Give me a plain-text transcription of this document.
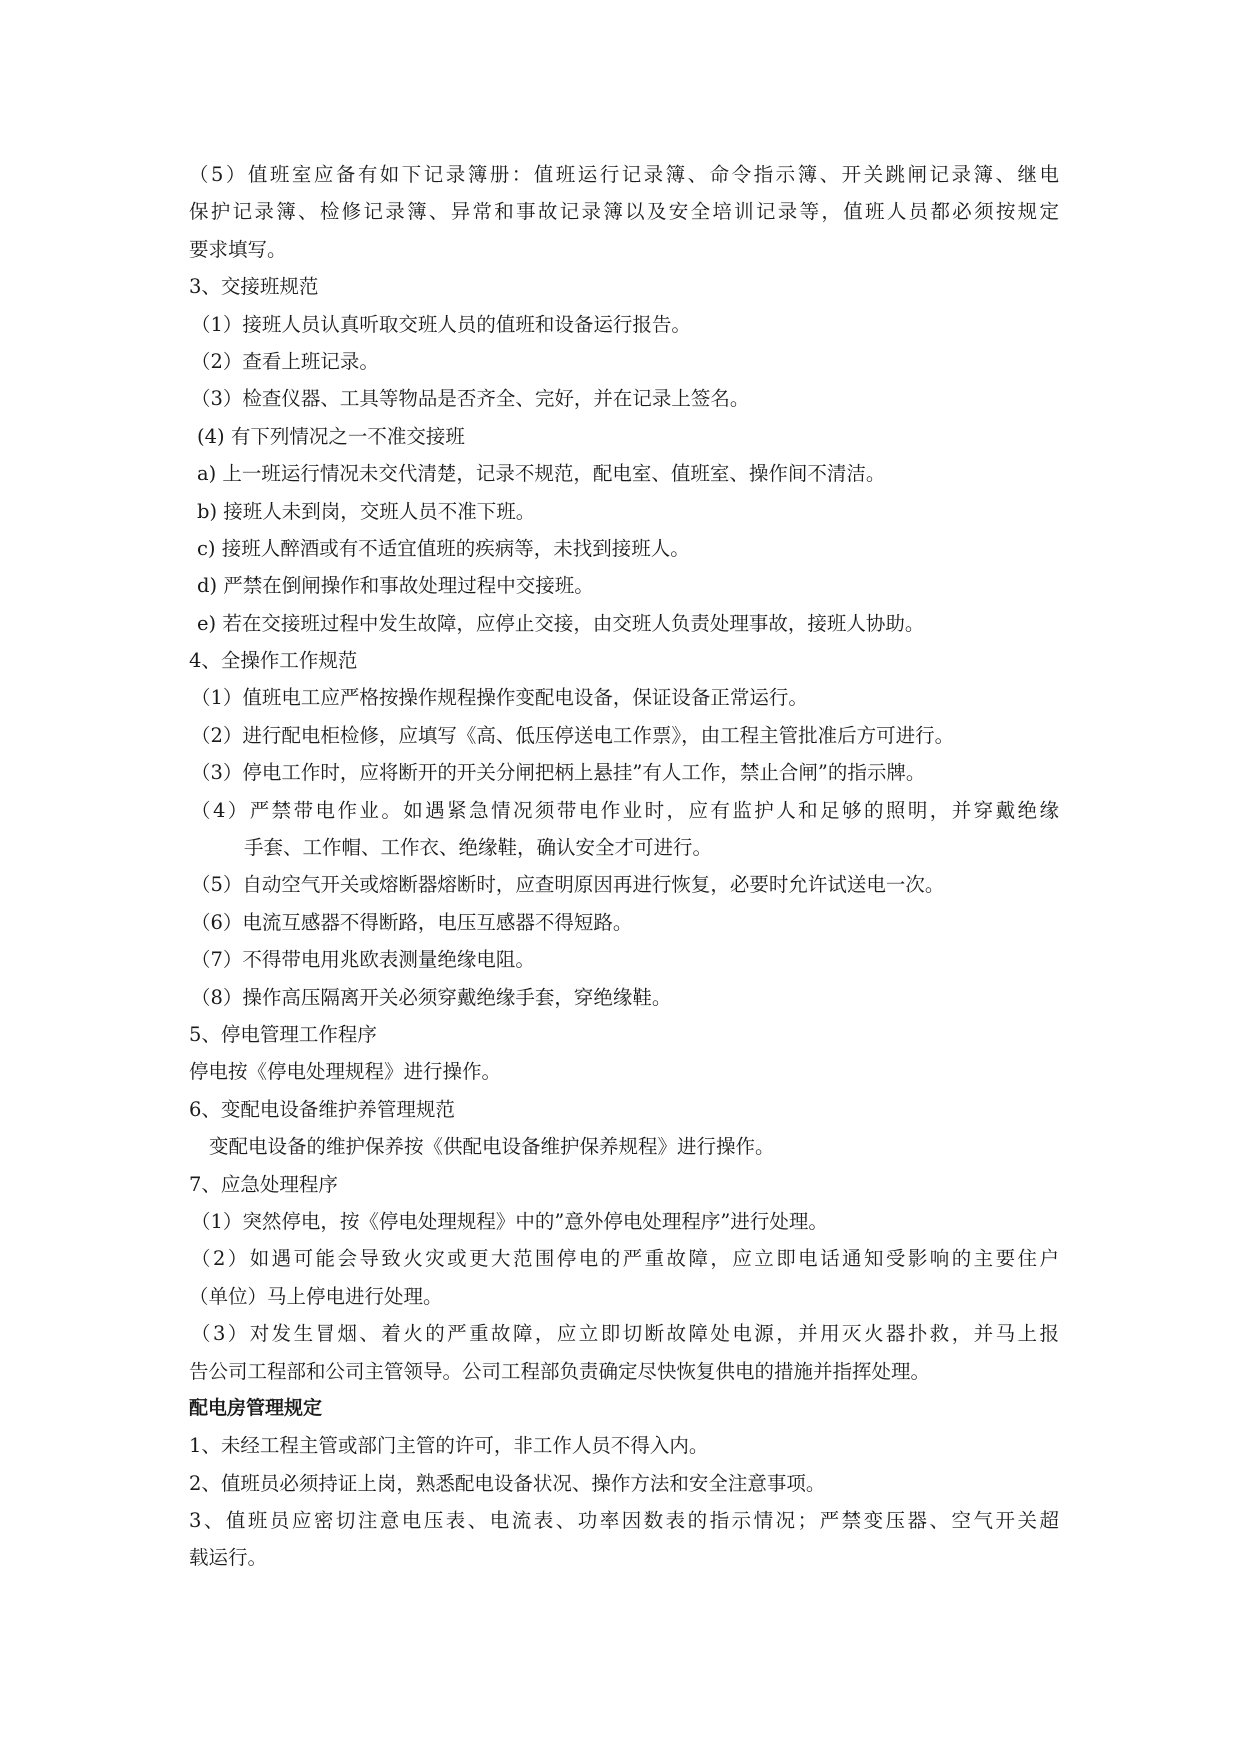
（5）值班室应备有如下记录簿册：值班运行记录簿、命令指示簿、开关跳闸记录簿、继电
保护记录簿、检修记录簿、异常和事故记录簿以及安全培训记录等，值班人员都必须按规定
要求填写。
3、交接班规范
（1）接班人员认真听取交班人员的值班和设备运行报告。
（2）查看上班记录。
（3）检查仪器、工具等物品是否齐全、完好，并在记录上签名。
(4) 有下列情况之一不准交接班
a) 上一班运行情况未交代清楚，记录不规范，配电室、值班室、操作间不清洁。
b) 接班人未到岗，交班人员不准下班。
c) 接班人醉酒或有不适宜值班的疾病等，未找到接班人。
d) 严禁在倒闸操作和事故处理过程中交接班。
e) 若在交接班过程中发生故障，应停止交接，由交班人负责处理事故，接班人协助。
4、全操作工作规范
（1）值班电工应严格按操作规程操作变配电设备，保证设备正常运行。
（2）进行配电柜检修，应填写《高、低压停送电工作票》，由工程主管批准后方可进行。
（3）停电工作时，应将断开的开关分闸把柄上悬挂”有人工作，禁止合闸”的指示牌。
（4）严禁带电作业。如遇紧急情况须带电作业时，应有监护人和足够的照明，并穿戴绝缘
手套、工作帽、工作衣、绝缘鞋，确认安全才可进行。
（5）自动空气开关或熔断器熔断时，应查明原因再进行恢复，必要时允许试送电一次。
（6）电流互感器不得断路，电压互感器不得短路。
（7）不得带电用兆欧表测量绝缘电阻。
（8）操作高压隔离开关必须穿戴绝缘手套，穿绝缘鞋。
5、停电管理工作程序
停电按《停电处理规程》进行操作。
6、变配电设备维护养管理规范
变配电设备的维护保养按《供配电设备维护保养规程》进行操作。
7、应急处理程序
（1）突然停电，按《停电处理规程》中的”意外停电处理程序”进行处理。
（2）如遇可能会导致火灾或更大范围停电的严重故障，应立即电话通知受影响的主要住户
（单位）马上停电进行处理。
（3）对发生冒烟、着火的严重故障，应立即切断故障处电源，并用灭火器扑救，并马上报
告公司工程部和公司主管领导。公司工程部负责确定尽快恢复供电的措施并指挥处理。
配电房管理规定
1、未经工程主管或部门主管的许可，非工作人员不得入内。
2、值班员必须持证上岗，熟悉配电设备状况、操作方法和安全注意事项。
3、值班员应密切注意电压表、电流表、功率因数表的指示情况；严禁变压器、空气开关超
载运行。
